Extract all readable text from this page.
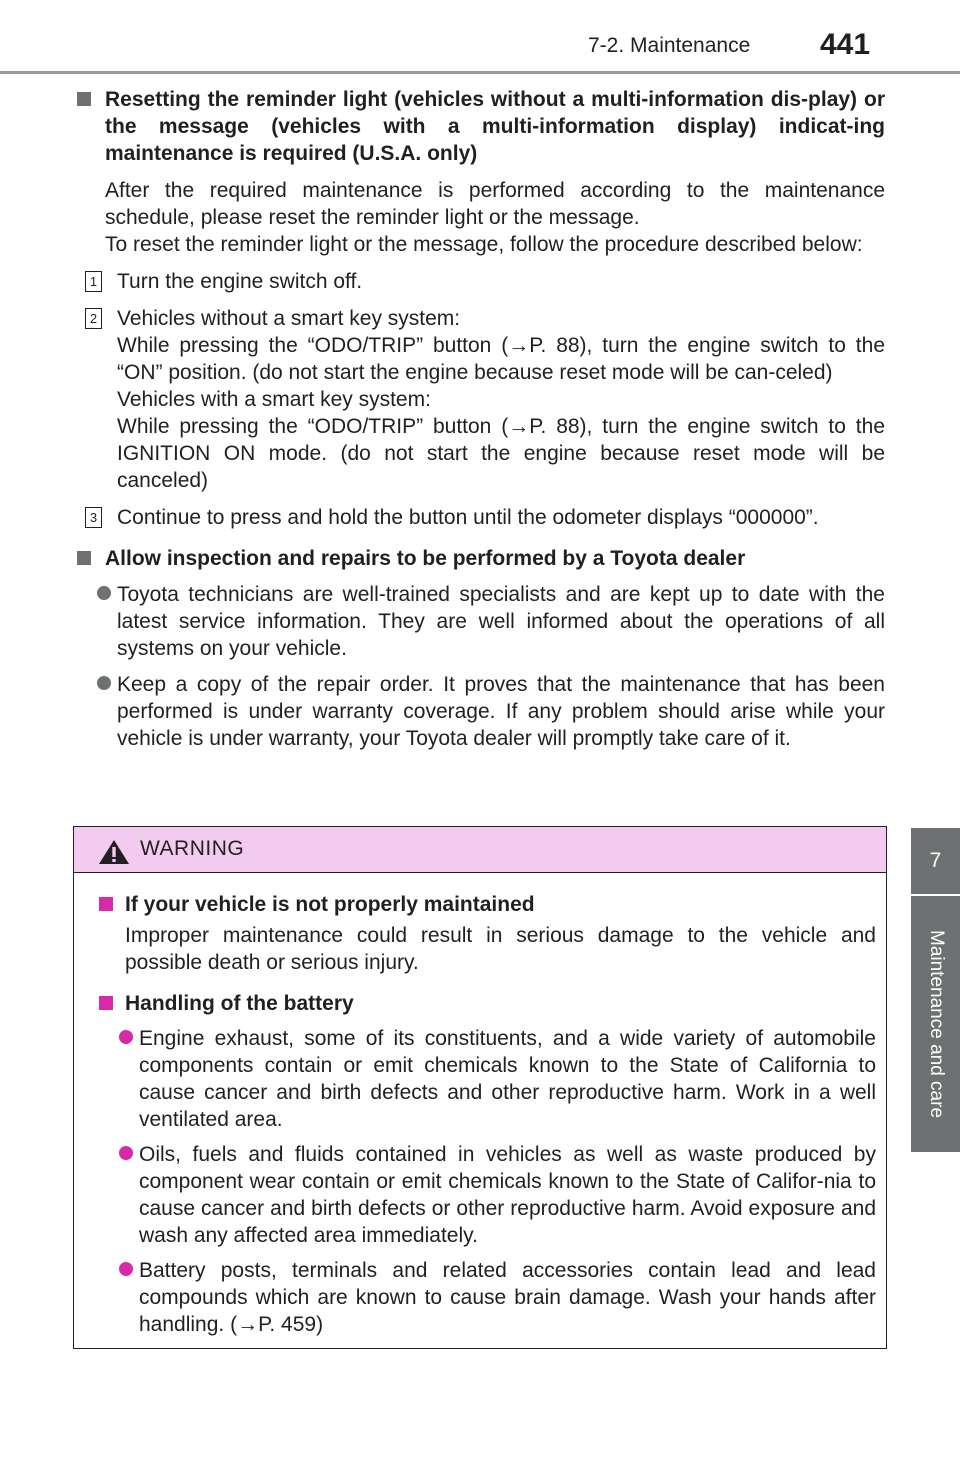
7-2. Maintenance 441
7
Maintenance and care
Resetting the reminder light (vehicles without a multi-information dis-play) or the message (vehicles with a multi-information display) indicat-ing maintenance is required (U.S.A. only)
After the required maintenance is performed according to the maintenance schedule, please reset the reminder light or the message.
To reset the reminder light or the message, follow the procedure described below:
1 Turn the engine switch off.
2 Vehicles without a smart key system:
While pressing the “ODO/TRIP” button (→P. 88), turn the engine switch to the “ON” position. (do not start the engine because reset mode will be can-celed)
Vehicles with a smart key system:
While pressing the “ODO/TRIP” button (→P. 88), turn the engine switch to the IGNITION ON mode. (do not start the engine because reset mode will be canceled)
3 Continue to press and hold the button until the odometer displays “000000”.
Allow inspection and repairs to be performed by a Toyota dealer
Toyota technicians are well-trained specialists and are kept up to date with the latest service information. They are well informed about the operations of all systems on your vehicle.
Keep a copy of the repair order. It proves that the maintenance that has been performed is under warranty coverage. If any problem should arise while your vehicle is under warranty, your Toyota dealer will promptly take care of it.
WARNING
If your vehicle is not properly maintained
Improper maintenance could result in serious damage to the vehicle and possible death or serious injury.
Handling of the battery
Engine exhaust, some of its constituents, and a wide variety of automobile components contain or emit chemicals known to the State of California to cause cancer and birth defects and other reproductive harm. Work in a well ventilated area.
Oils, fuels and fluids contained in vehicles as well as waste produced by component wear contain or emit chemicals known to the State of Califor-nia to cause cancer and birth defects or other reproductive harm. Avoid exposure and wash any affected area immediately.
Battery posts, terminals and related accessories contain lead and lead compounds which are known to cause brain damage. Wash your hands after handling. (→P. 459)
